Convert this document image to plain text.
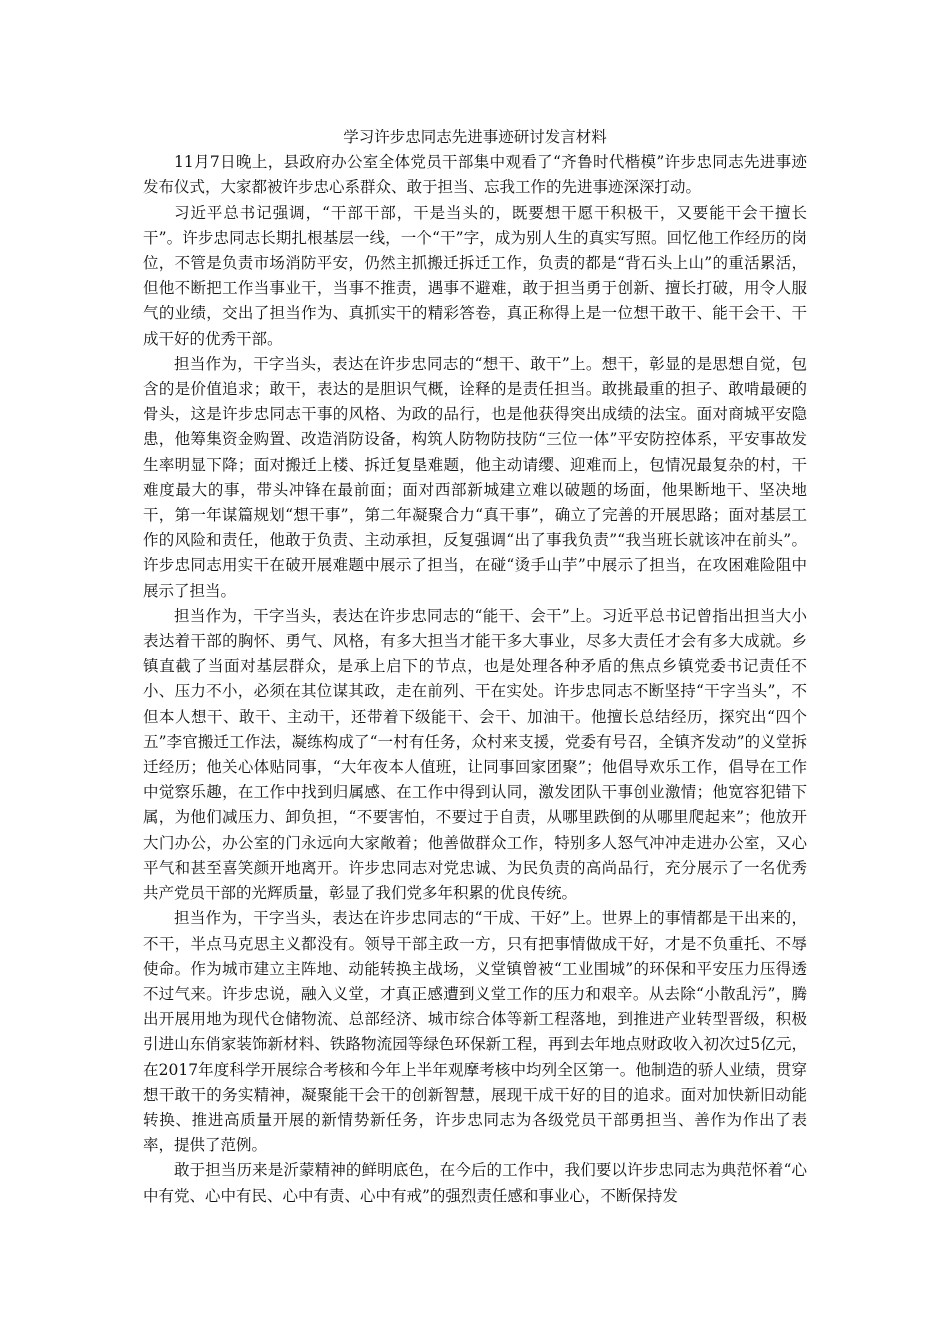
学习许步忠同志先进事迹研讨发言材料

11月7日晚上，县政府办公室全体党员干部集中观看了“齐鲁时代楷模”许步忠同志先进事迹发布仪式，大家都被许步忠心系群众、敢于担当、忘我工作的先进事迹深深打动。

习近平总书记强调，“干部干部，干是当头的，既要想干愿干积极干，又要能干会干擅长干”。许步忠同志长期扎根基层一线，一个“干”字，成为别人生的真实写照。回忆他工作经历的岗位，不管是负责市场消防平安，仍然主抓搬迁拆迁工作，负责的都是“背石头上山”的重活累活，但他不断把工作当事业干，当事不推责，遇事不避难，敢于担当勇于创新、擅长打破，用令人服气的业绩，交出了担当作为、真抓实干的精彩答卷，真正称得上是一位想干敢干、能干会干、干成干好的优秀干部。

担当作为，干字当头，表达在许步忠同志的“想干、敢干”上。想干，彰显的是思想自觉，包含的是价值追求；敢干，表达的是胆识气概，诠释的是责任担当。敢挑最重的担子、敢啃最硬的骨头，这是许步忠同志干事的风格、为政的品行，也是他获得突出成绩的法宝。面对商城平安隐患，他筹集资金购置、改造消防设备，构筑人防物防技防“三位一体”平安防控体系，平安事故发生率明显下降；面对搬迁上楼、拆迁复垦难题，他主动请缨、迎难而上，包情况最复杂的村，干难度最大的事，带头冲锋在最前面；面对西部新城建立难以破题的场面，他果断地干、坚决地干，第一年谋篇规划“想干事”，第二年凝聚合力“真干事”，确立了完善的开展思路；面对基层工作的风险和责任，他敢于负责、主动承担，反复强调“出了事我负责”“我当班长就该冲在前头”。许步忠同志用实干在破开展难题中展示了担当，在碰“烫手山芋”中展示了担当，在攻困难险阻中展示了担当。

担当作为，干字当头，表达在许步忠同志的“能干、会干”上。习近平总书记曾指出担当大小表达着干部的胸怀、勇气、风格，有多大担当才能干多大事业，尽多大责任才会有多大成就。乡镇直截了当面对基层群众，是承上启下的节点，也是处理各种矛盾的焦点乡镇党委书记责任不小、压力不小，必须在其位谋其政，走在前列、干在实处。许步忠同志不断坚持“干字当头”，不但本人想干、敢干、主动干，还带着下级能干、会干、加油干。他擅长总结经历，探究出“四个五”李官搬迁工作法，凝练构成了“一村有任务，众村来支援，党委有号召，全镇齐发动”的义堂拆迁经历；他关心体贴同事，“大年夜本人值班，让同事回家团聚”；他倡导欢乐工作，倡导在工作中觉察乐趣，在工作中找到归属感、在工作中得到认同，激发团队干事创业激情；他宽容犯错下属，为他们减压力、卸负担，“不要害怕，不要过于自责，从哪里跌倒的从哪里爬起来”；他放开大门办公，办公室的门永远向大家敞着；他善做群众工作，特别多人怒气冲冲走进办公室，又心平气和甚至喜笑颜开地离开。许步忠同志对党忠诚、为民负责的高尚品行，充分展示了一名优秀共产党员干部的光辉质量，彰显了我们党多年积累的优良传统。

担当作为，干字当头，表达在许步忠同志的“干成、干好”上。世界上的事情都是干出来的，不干，半点马克思主义都没有。领导干部主政一方，只有把事情做成干好，才是不负重托、不辱使命。作为城市建立主阵地、动能转换主战场，义堂镇曾被“工业围城”的环保和平安压力压得透不过气来。许步忠说，融入义堂，才真正感遭到义堂工作的压力和艰辛。从去除“小散乱污”，腾出开展用地为现代仓储物流、总部经济、城市综合体等新工程落地，到推进产业转型晋级，积极引进山东俏家装饰新材料、铁路物流园等绿色环保新工程，再到去年地点财政收入初次过5亿元，在2017年度科学开展综合考核和今年上半年观摩考核中均列全区第一。他制造的骄人业绩，贯穿想干敢干的务实精神，凝聚能干会干的创新智慧，展现干成干好的目的追求。面对加快新旧动能转换、推进高质量开展的新情势新任务，许步忠同志为各级党员干部勇担当、善作为作出了表率，提供了范例。

敢于担当历来是沂蒙精神的鲜明底色，在今后的工作中，我们要以许步忠同志为典范怀着“心中有党、心中有民、心中有责、心中有戒”的强烈责任感和事业心，不断保持发
